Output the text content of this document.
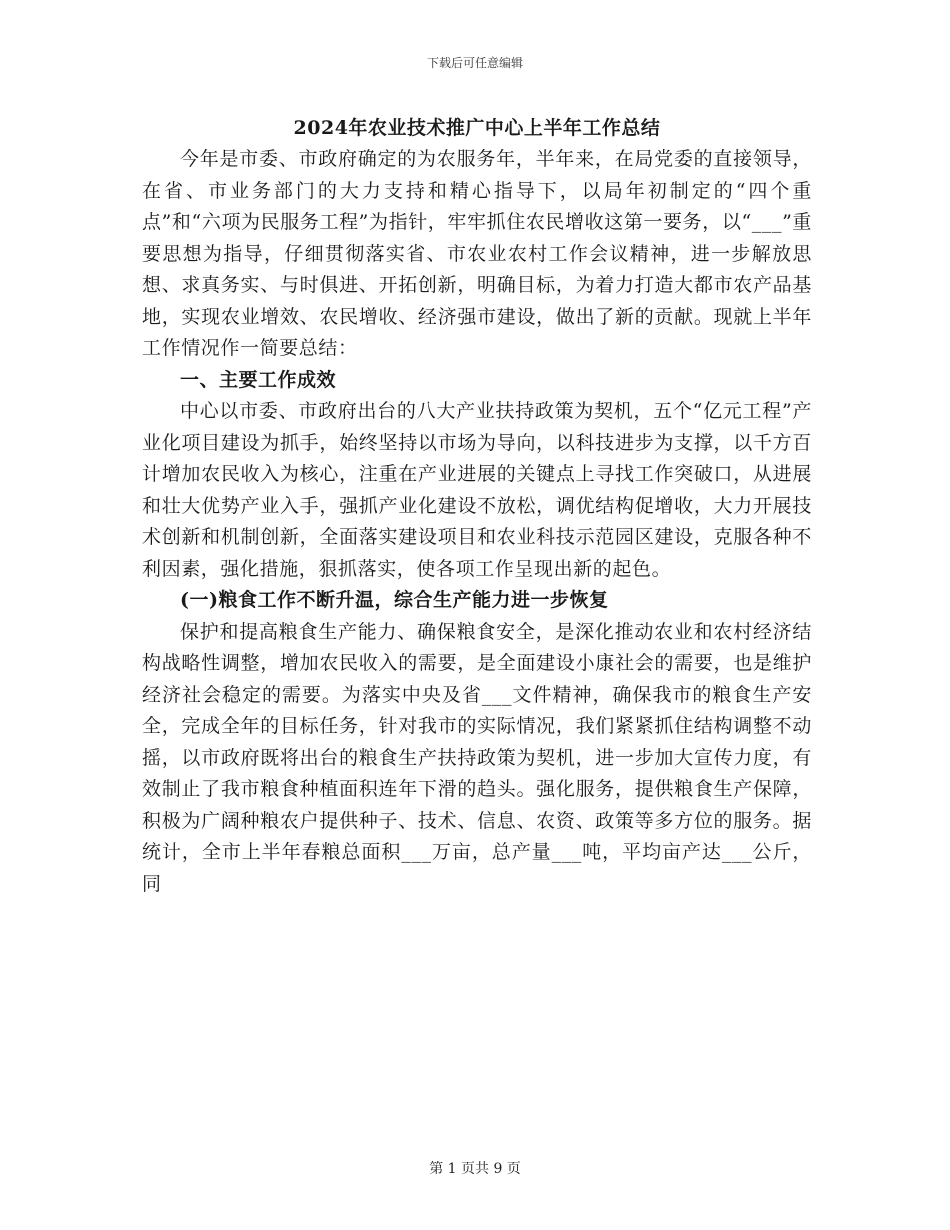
下载后可任意编辑
2024年农业技术推广中心上半年工作总结

今年是市委、市政府确定的为农服务年，半年来，在局党委的直接领导，在省、市业务部门的大力支持和精心指导下，以局年初制定的“四个重点”和“六项为民服务工程”为指针，牢牢抓住农民增收这第一要务，以“___”重要思想为指导，仔细贯彻落实省、市农业农村工作会议精神，进一步解放思想、求真务实、与时俱进、开拓创新，明确目标，为着力打造大都市农产品基地，实现农业增效、农民增收、经济强市建设，做出了新的贡献。现就上半年工作情况作一简要总结：

一、主要工作成效

中心以市委、市政府出台的八大产业扶持政策为契机，五个“亿元工程”产业化项目建设为抓手，始终坚持以市场为导向，以科技进步为支撑，以千方百计增加农民收入为核心，注重在产业进展的关键点上寻找工作突破口，从进展和壮大优势产业入手，强抓产业化建设不放松，调优结构促增收，大力开展技术创新和机制创新，全面落实建设项目和农业科技示范园区建设，克服各种不利因素，强化措施，狠抓落实，使各项工作呈现出新的起色。

(一)粮食工作不断升温，综合生产能力进一步恢复

保护和提高粮食生产能力、确保粮食安全，是深化推动农业和农村经济结构战略性调整，增加农民收入的需要，是全面建设小康社会的需要，也是维护经济社会稳定的需要。为落实中央及省___文件精神，确保我市的粮食生产安全，完成全年的目标任务，针对我市的实际情况，我们紧紧抓住结构调整不动摇，以市政府既将出台的粮食生产扶持政策为契机，进一步加大宣传力度，有效制止了我市粮食种植面积连年下滑的趋头。强化服务，提供粮食生产保障，积极为广阔种粮农户提供种子、技术、信息、农资、政策等多方位的服务。据统计，全市上半年春粮总面积___万亩，总产量___吨，平均亩产达___公斤，同

第 1 页共 9 页
